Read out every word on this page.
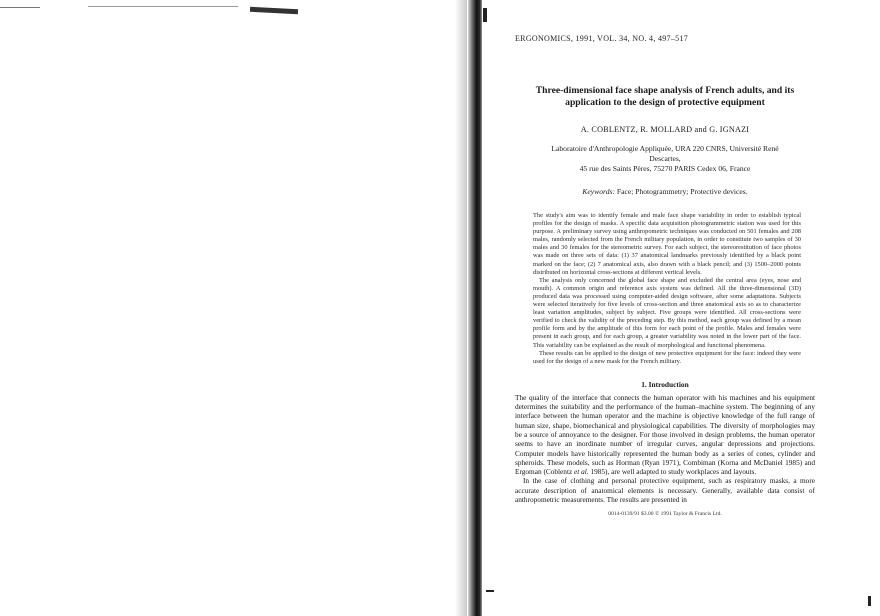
ERGONOMICS, 1991, VOL. 34, NO. 4, 497–517

Three-dimensional face shape analysis of French adults, and its application to the design of protective equipment

A. COBLENTZ, R. MOLLARD and G. IGNAZI

Laboratoire d'Anthropologie Appliquée, URA 220 CNRS, Université René Descartes,
45 rue des Saints Pères, 75270 PARIS Cedex 06, France

Keywords: Face; Photogrammetry; Protective devices.

The study's aim was to identify female and male face shape variability in order to establish typical profiles for the design of masks. A specific data acquisition photogrammetric station was used for this purpose. A preliminary survey using anthropometric techniques was conducted on 501 females and 208 males, randomly selected from the French military population, in order to constitute two samples of 30 males and 30 females for the stereometric survey. For each subject, the stereorestitution of face photos was made on three sets of data: (1) 37 anatomical landmarks previously identified by a black point marked on the face; (2) 7 anatomical axis, also drawn with a black pencil; and (3) 1500–2000 points distributed on horizontal cross-sections at different vertical levels.

The analysis only concerned the global face shape and excluded the central area (eyes, nose and mouth). A common origin and reference axis system was defined. All the three-dimensional (3D) produced data was processed using computer-aided design software, after some adaptations. Subjects were selected iteratively for five levels of cross-section and three anatomical axis so as to characterize least variation amplitudes, subject by subject. Five groups were identified. All cross-sections were verified to check the validity of the preceding step. By this method, each group was defined by a mean profile form and by the amplitude of this form for each point of the profile. Males and females were present in each group, and for each group, a greater variability was noted in the lower part of the face. This variability can be explained as the result of morphological and functional phenomena.

These results can be applied to the design of new protective equipment for the face: indeed they were used for the design of a new mask for the French military.

1. Introduction

The quality of the interface that connects the human operator with his machines and his equipment determines the suitability and the performance of the human–machine system. The beginning of any interface between the human operator and the machine is objective knowledge of the full range of human size, shape, biomechanical and physiological capabilities. The diversity of morphologies may be a source of annoyance to the designer. For those involved in design problems, the human operator seems to have an inordinate number of irregular curves, angular depressions and projections. Computer models have historically represented the human body as a series of cones, cylinder and spheroids. These models, such as Horman (Ryan 1971), Combiman (Korna and McDaniel 1985) and Ergoman (Coblentz et al. 1985), are well adapted to study workplaces and layouts.

In the case of clothing and personal protective equipment, such as respiratory masks, a more accurate description of anatomical elements is necessary. Generally, available data consist of anthropometric measurements. The results are presented in

0014-0139/91 $3.00 © 1991 Taylor & Francis Ltd.
